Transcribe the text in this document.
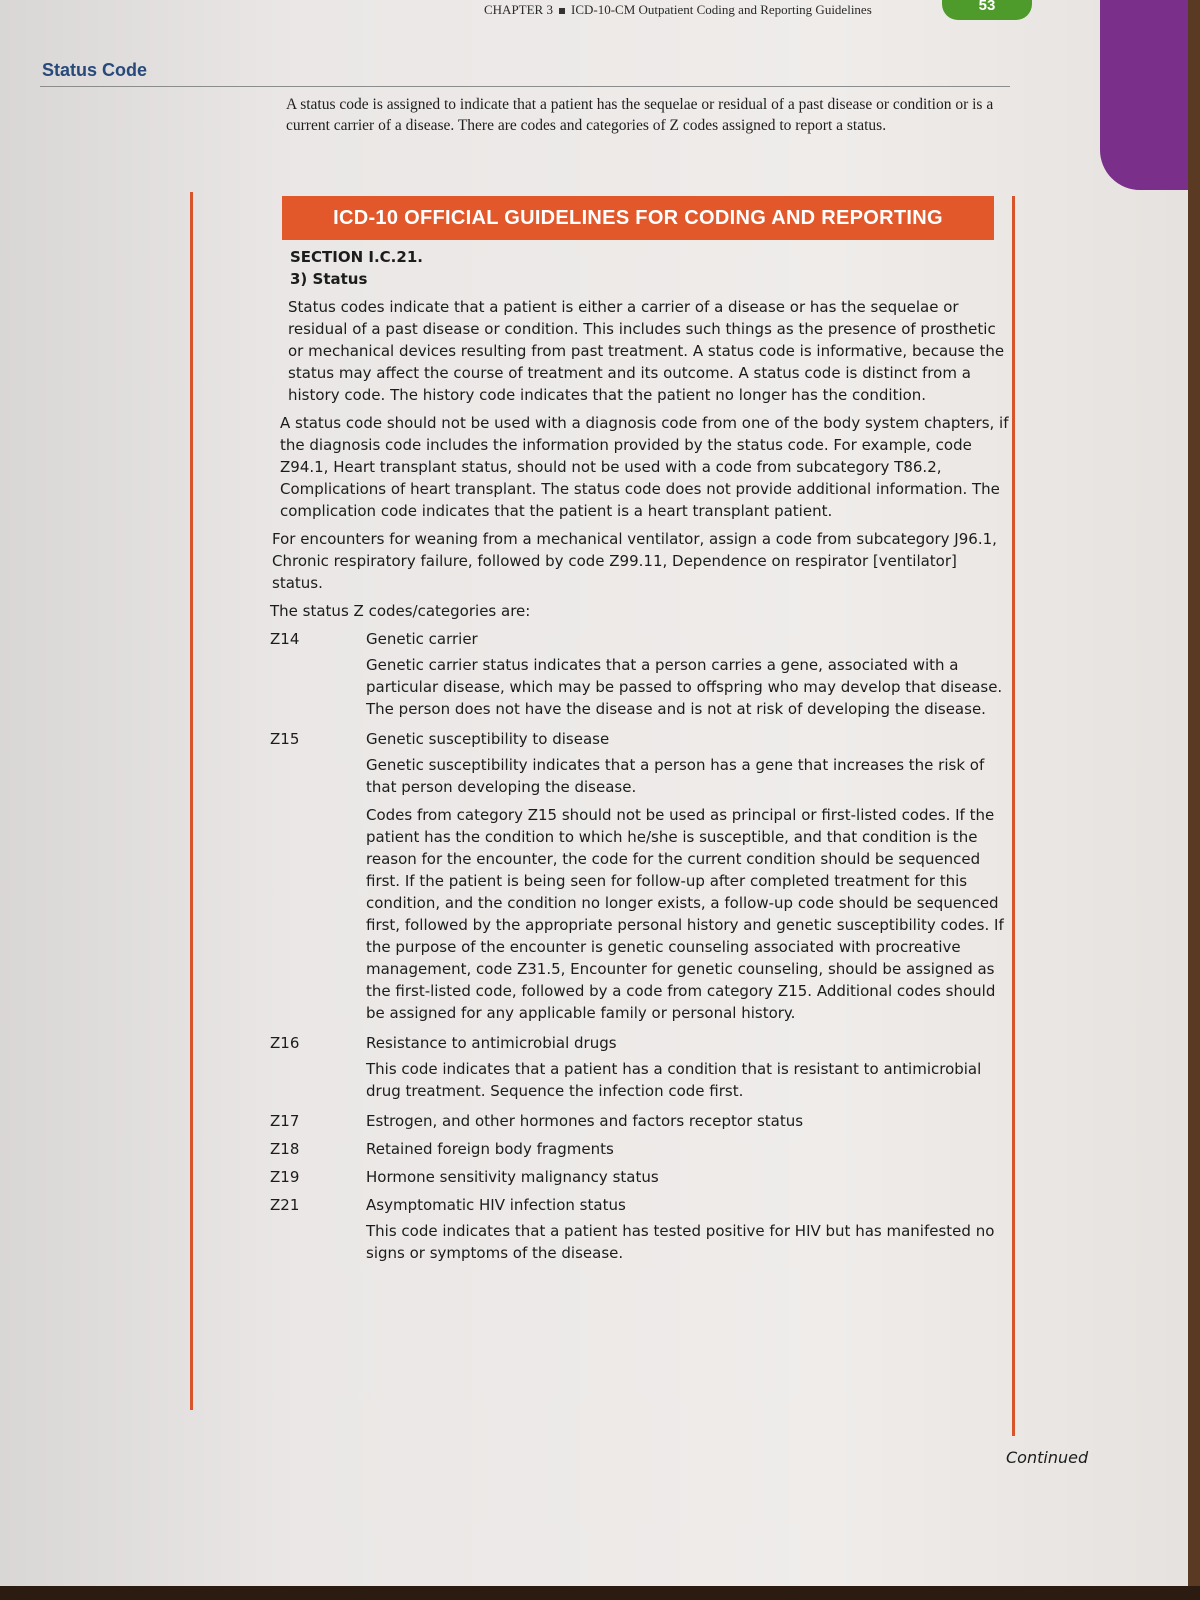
53
CHAPTER 3 ICD-10-CM Outpatient Coding and Reporting Guidelines
Status Code
A status code is assigned to indicate that a patient has the sequelae or residual of a past disease or condition or is a current carrier of a disease. There are codes and categories of Z codes assigned to report a status.
ICD-10 OFFICIAL GUIDELINES FOR CODING AND REPORTING
SECTION I.C.21.
3) Status

Status codes indicate that a patient is either a carrier of a disease or has the sequelae or residual of a past disease or condition. This includes such things as the presence of prosthetic or mechanical devices resulting from past treatment. A status code is informative, because the status may affect the course of treatment and its outcome. A status code is distinct from a history code. The history code indicates that the patient no longer has the condition.

A status code should not be used with a diagnosis code from one of the body system chapters, if the diagnosis code includes the information provided by the status code. For example, code Z94.1, Heart transplant status, should not be used with a code from subcategory T86.2, Complications of heart transplant. The status code does not provide additional information. The complication code indicates that the patient is a heart transplant patient.

For encounters for weaning from a mechanical ventilator, assign a code from subcategory J96.1, Chronic respiratory failure, followed by code Z99.11, Dependence on respirator [ventilator] status.

The status Z codes/categories are:
Z14	Genetic carrier
Genetic carrier status indicates that a person carries a gene, associated with a particular disease, which may be passed to offspring who may develop that disease. The person does not have the disease and is not at risk of developing the disease.
Z15	Genetic susceptibility to disease
Genetic susceptibility indicates that a person has a gene that increases the risk of that person developing the disease.
Codes from category Z15 should not be used as principal or first-listed codes. If the patient has the condition to which he/she is susceptible, and that condition is the reason for the encounter, the code for the current condition should be sequenced first. If the patient is being seen for follow-up after completed treatment for this condition, and the condition no longer exists, a follow-up code should be sequenced first, followed by the appropriate personal history and genetic susceptibility codes. If the purpose of the encounter is genetic counseling associated with procreative management, code Z31.5, Encounter for genetic counseling, should be assigned as the first-listed code, followed by a code from category Z15. Additional codes should be assigned for any applicable family or personal history.
Z16	Resistance to antimicrobial drugs
This code indicates that a patient has a condition that is resistant to antimicrobial drug treatment. Sequence the infection code first.
Z17	Estrogen, and other hormones and factors receptor status
Z18	Retained foreign body fragments
Z19	Hormone sensitivity malignancy status
Z21	Asymptomatic HIV infection status
This code indicates that a patient has tested positive for HIV but has manifested no signs or symptoms of the disease.
Continued
